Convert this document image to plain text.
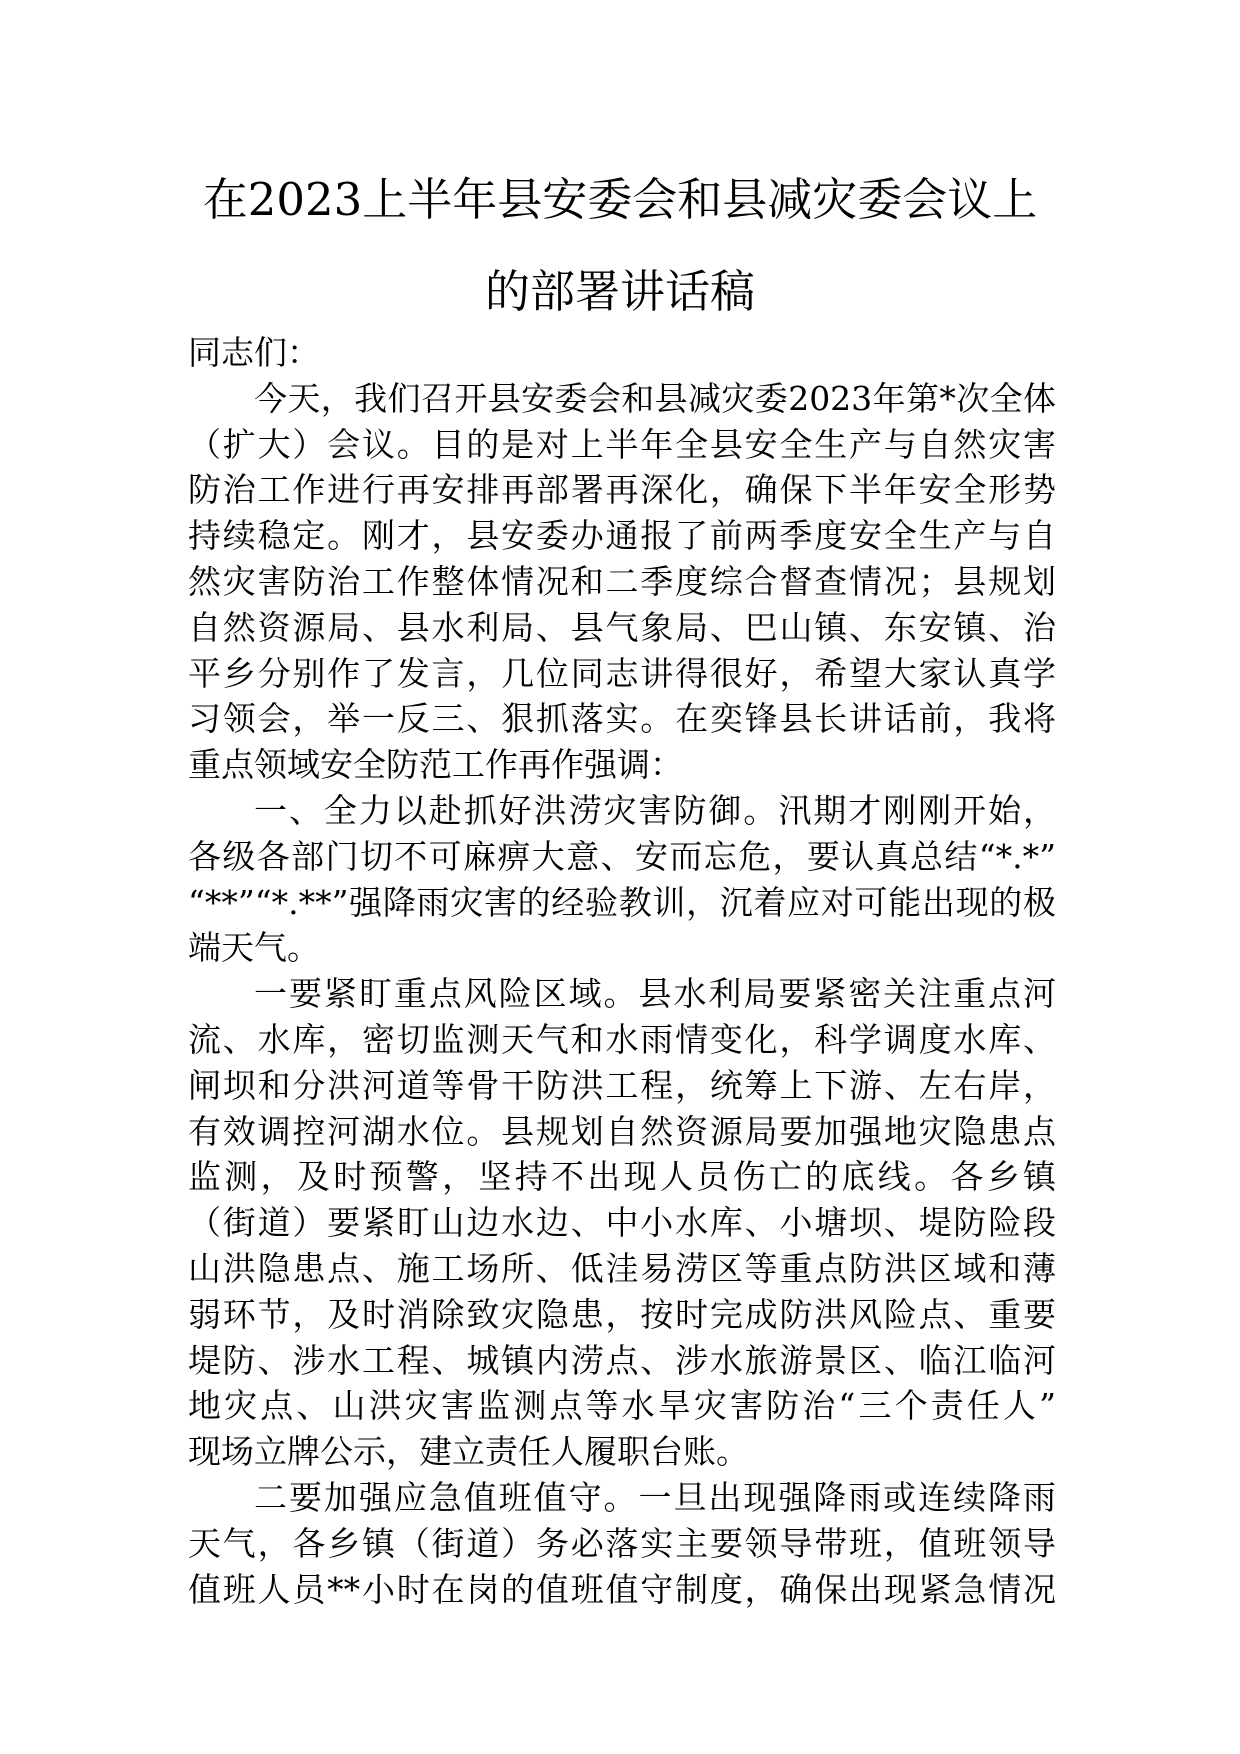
在2023上半年县安委会和县减灾委会议上
的部署讲话稿
同志们：
今天，我们召开县安委会和县减灾委2023年第*次全体
（扩大）会议。目的是对上半年全县安全生产与自然灾害
防治工作进行再安排再部署再深化，确保下半年安全形势
持续稳定。刚才，县安委办通报了前两季度安全生产与自
然灾害防治工作整体情况和二季度综合督查情况；县规划
自然资源局、县水利局、县气象局、巴山镇、东安镇、治
平乡分别作了发言，几位同志讲得很好，希望大家认真学
习领会，举一反三、狠抓落实。在奕锋县长讲话前，我将
重点领域安全防范工作再作强调：
一、全力以赴抓好洪涝灾害防御。汛期才刚刚开始，
各级各部门切不可麻痹大意、安而忘危，要认真总结“*.*”
“**”“*.**”强降雨灾害的经验教训，沉着应对可能出现的极
端天气。
一要紧盯重点风险区域。县水利局要紧密关注重点河
流、水库，密切监测天气和水雨情变化，科学调度水库、
闸坝和分洪河道等骨干防洪工程，统筹上下游、左右岸，
有效调控河湖水位。县规划自然资源局要加强地灾隐患点
监测，及时预警，坚持不出现人员伤亡的底线。各乡镇
（街道）要紧盯山边水边、中小水库、小塘坝、堤防险段
山洪隐患点、施工场所、低洼易涝区等重点防洪区域和薄
弱环节，及时消除致灾隐患，按时完成防洪风险点、重要
堤防、涉水工程、城镇内涝点、涉水旅游景区、临江临河
地灾点、山洪灾害监测点等水旱灾害防治“三个责任人”
现场立牌公示，建立责任人履职台账。
二要加强应急值班值守。一旦出现强降雨或连续降雨
天气，各乡镇（街道）务必落实主要领导带班，值班领导
值班人员**小时在岗的值班值守制度，确保出现紧急情况
